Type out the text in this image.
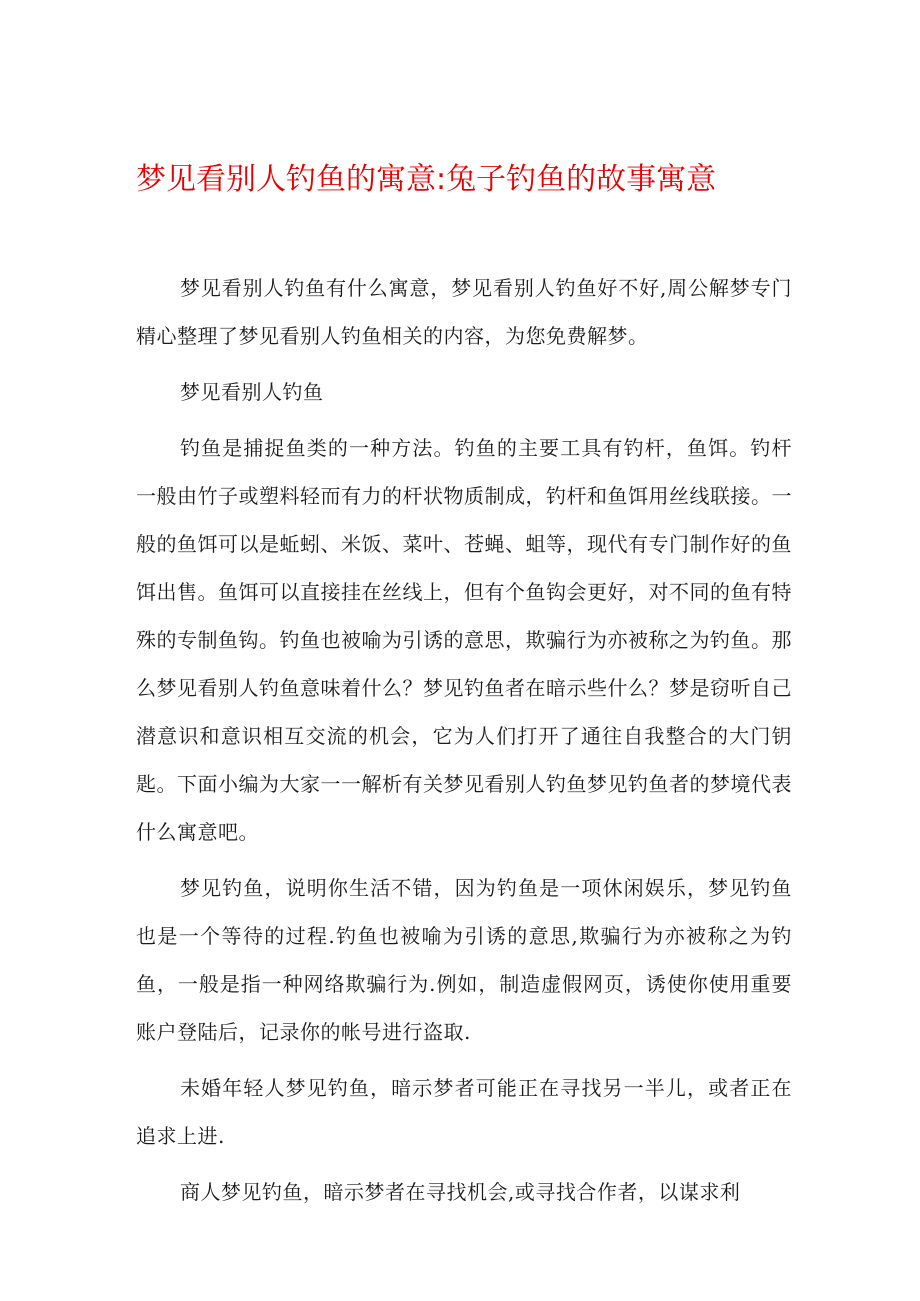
梦见看别人钓鱼的寓意:兔子钓鱼的故事寓意

梦见看别人钓鱼有什么寓意，梦见看别人钓鱼好不好,周公解梦专门精心整理了梦见看别人钓鱼相关的内容，为您免费解梦。

梦见看别人钓鱼

钓鱼是捕捉鱼类的一种方法。钓鱼的主要工具有钓杆，鱼饵。钓杆一般由竹子或塑料轻而有力的杆状物质制成，钓杆和鱼饵用丝线联接。一般的鱼饵可以是蚯蚓、米饭、菜叶、苍蝇、蛆等，现代有专门制作好的鱼饵出售。鱼饵可以直接挂在丝线上，但有个鱼钩会更好，对不同的鱼有特殊的专制鱼钩。钓鱼也被喻为引诱的意思，欺骗行为亦被称之为钓鱼。那么梦见看别人钓鱼意味着什么？梦见钓鱼者在暗示些什么？梦是窃听自己潜意识和意识相互交流的机会，它为人们打开了通往自我整合的大门钥匙。下面小编为大家一一解析有关梦见看别人钓鱼梦见钓鱼者的梦境代表什么寓意吧。

梦见钓鱼，说明你生活不错，因为钓鱼是一项休闲娱乐，梦见钓鱼也是一个等待的过程.钓鱼也被喻为引诱的意思,欺骗行为亦被称之为钓鱼，一般是指一种网络欺骗行为.例如，制造虚假网页，诱使你使用重要账户登陆后，记录你的帐号进行盗取.

未婚年轻人梦见钓鱼，暗示梦者可能正在寻找另一半儿，或者正在追求上进.

商人梦见钓鱼，暗示梦者在寻找机会,或寻找合作者，以谋求利
